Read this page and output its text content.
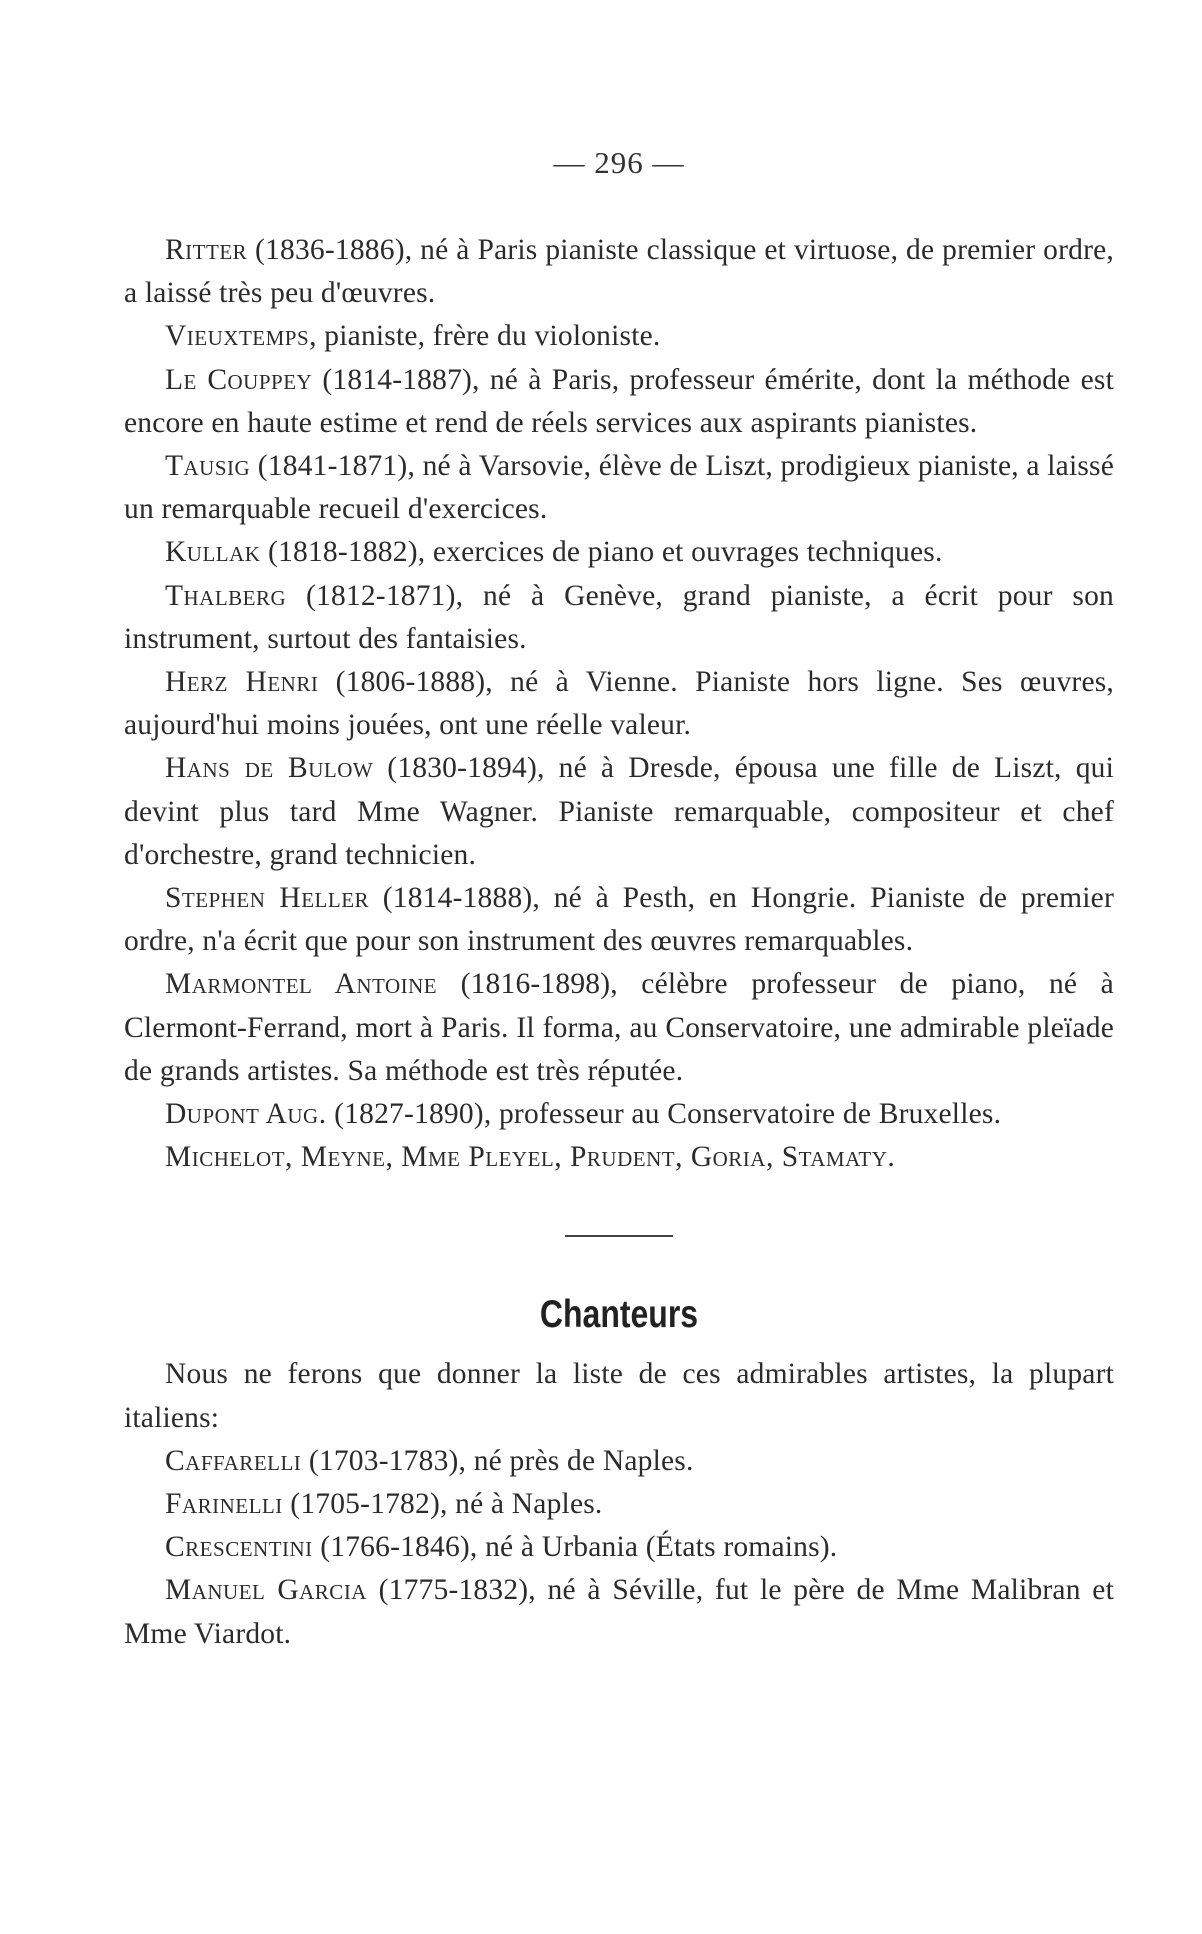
— 296 —

Ritter (1836-1886), né à Paris pianiste classique et virtuose, de premier ordre, a laissé très peu d'œuvres.

Vieuxtemps, pianiste, frère du violoniste.

Le Couppey (1814-1887), né à Paris, professeur émérite, dont la méthode est encore en haute estime et rend de réels services aux aspirants pianistes.

Tausig (1841-1871), né à Varsovie, élève de Liszt, prodigieux pianiste, a laissé un remarquable recueil d'exercices.

Kullak (1818-1882), exercices de piano et ouvrages techniques.

Thalberg (1812-1871), né à Genève, grand pianiste, a écrit pour son instrument, surtout des fantaisies.

Herz Henri (1806-1888), né à Vienne. Pianiste hors ligne. Ses œuvres, aujourd'hui moins jouées, ont une réelle valeur.

Hans de Bulow (1830-1894), né à Dresde, épousa une fille de Liszt, qui devint plus tard Mme Wagner. Pianiste remarquable, compositeur et chef d'orchestre, grand technicien.

Stephen Heller (1814-1888), né à Pesth, en Hongrie. Pianiste de premier ordre, n'a écrit que pour son instrument des œuvres remarquables.

Marmontel Antoine (1816-1898), célèbre professeur de piano, né à Clermont-Ferrand, mort à Paris. Il forma, au Conservatoire, une admirable pleïade de grands artistes. Sa méthode est très réputée.

Dupont Aug. (1827-1890), professeur au Conservatoire de Bruxelles.

Michelot, Meyne, Mme Pleyel, Prudent, Goria, Stamaty.

Chanteurs

Nous ne ferons que donner la liste de ces admirables artistes, la plupart italiens:

Caffarelli (1703-1783), né près de Naples.

Farinelli (1705-1782), né à Naples.

Crescentini (1766-1846), né à Urbania (États romains).

Manuel Garcia (1775-1832), né à Séville, fut le père de Mme Malibran et Mme Viardot.
